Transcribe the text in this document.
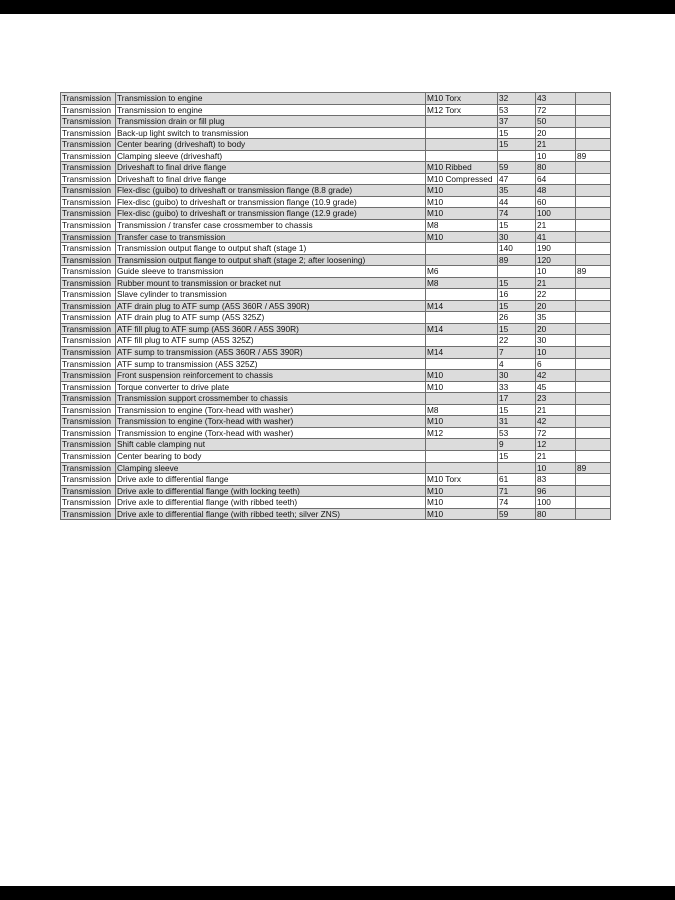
Transmission	Transmission to engine	M10 Torx	32	43	
Transmission	Transmission to engine	M12 Torx	53	72	
Transmission	Transmission drain or fill plug		37	50	
Transmission	Back-up light switch to transmission		15	20	
Transmission	Center bearing (driveshaft) to body		15	21	
Transmission	Clamping sleeve (driveshaft)			10	89
Transmission	Driveshaft to final drive flange	M10 Ribbed	59	80	
Transmission	Driveshaft to final drive flange	M10 Compressed	47	64	
Transmission	Flex-disc (guibo) to driveshaft or transmission flange (8.8 grade)	M10	35	48	
Transmission	Flex-disc (guibo) to driveshaft or transmission flange (10.9 grade)	M10	44	60	
Transmission	Flex-disc (guibo) to driveshaft or transmission flange (12.9 grade)	M10	74	100	
Transmission	Transmission / transfer case crossmember to chassis	M8	15	21	
Transmission	Transfer case to transmission	M10	30	41	
Transmission	Transmission output flange to output shaft (stage 1)		140	190	
Transmission	Transmission output flange to output shaft (stage 2; after loosening)		89	120	
Transmission	Guide sleeve to transmission	M6		10	89
Transmission	Rubber mount to transmission or bracket nut	M8	15	21	
Transmission	Slave cylinder to transmission		16	22	
Transmission	ATF drain plug to ATF sump (A5S 360R / A5S 390R)	M14	15	20	
Transmission	ATF drain plug to ATF sump (A5S 325Z)		26	35	
Transmission	ATF fill plug to ATF sump (A5S 360R / A5S 390R)	M14	15	20	
Transmission	ATF fill plug to ATF sump (A5S 325Z)		22	30	
Transmission	ATF sump to transmission (A5S 360R / A5S 390R)	M14	7	10	
Transmission	ATF sump to transmission (A5S 325Z)		4	6	
Transmission	Front suspension reinforcement to chassis	M10	30	42	
Transmission	Torque converter to drive plate	M10	33	45	
Transmission	Transmission support crossmember to chassis		17	23	
Transmission	Transmission to engine (Torx-head with washer)	M8	15	21	
Transmission	Transmission to engine (Torx-head with washer)	M10	31	42	
Transmission	Transmission to engine (Torx-head with washer)	M12	53	72	
Transmission	Shift cable clamping nut		9	12	
Transmission	Center bearing to body		15	21	
Transmission	Clamping sleeve			10	89
Transmission	Drive axle to differential flange	M10 Torx	61	83	
Transmission	Drive axle to differential flange (with locking teeth)	M10	71	96	
Transmission	Drive axle to differential flange (with ribbed teeth)	M10	74	100	
Transmission	Drive axle to differential flange (with ribbed teeth; silver ZNS)	M10	59	80	
